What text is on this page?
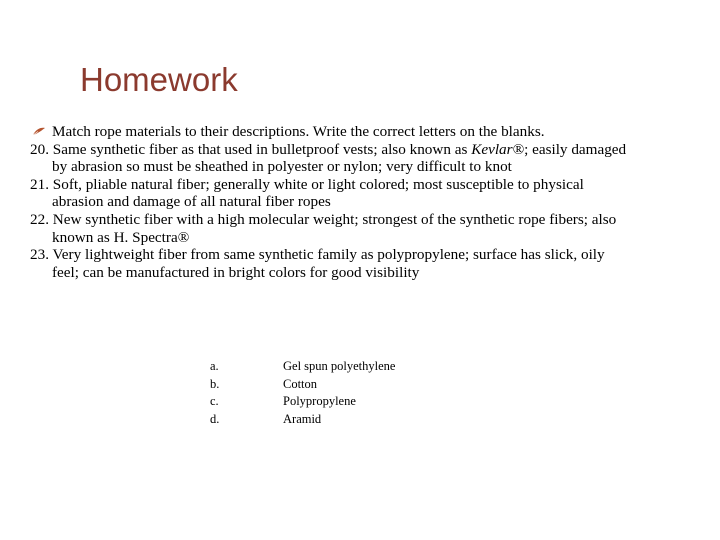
Homework

Match rope materials to their descriptions. Write the correct letters on the blanks.

20. Same synthetic fiber as that used in bulletproof vests; also known as Kevlar®; easily damaged by abrasion so must be sheathed in polyester or nylon; very difficult to knot

21. Soft, pliable natural fiber; generally white or light colored; most susceptible to physical abrasion and damage of all natural fiber ropes

22. New synthetic fiber with a high molecular weight; strongest of the synthetic rope fibers; also known as H. Spectra®

23. Very lightweight fiber from same synthetic family as polypropylene; surface has slick, oily feel; can be manufactured in bright colors for good visibility

a.	Gel spun polyethylene
b.	Cotton
c.	Polypropylene
d.	Aramid
